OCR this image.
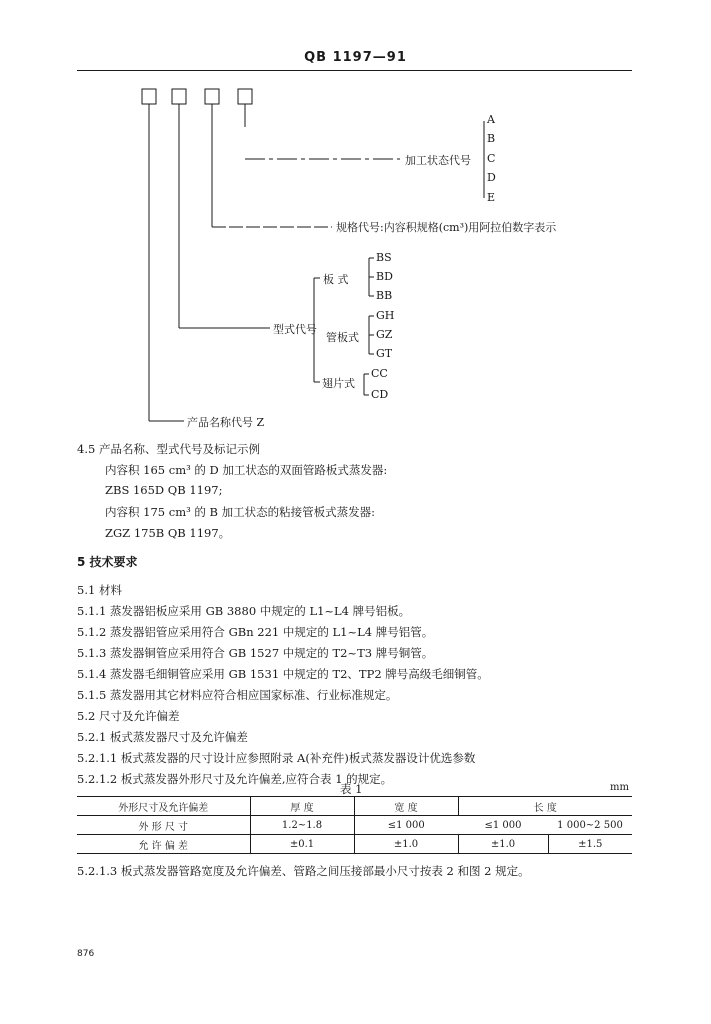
QB 1197—91
A
B
C
D
E
加工状态代号
规格代号:内容积规格(cm³)用阿拉伯数字表示
型式代号
板 式
管板式
翅片式
BS
BD
BB
GH
GZ
GT
CC
CD
产品名称代号 Z
4.5 产品名称、型式代号及标记示例
内容积 165 cm³ 的 D 加工状态的双面管路板式蒸发器:
ZBS 165D QB 1197;
内容积 175 cm³ 的 B 加工状态的粘接管板式蒸发器:
ZGZ 175B QB 1197。
5 技术要求
5.1 材料
5.1.1 蒸发器铝板应采用 GB 3880 中规定的 L1~L4 牌号铝板。
5.1.2 蒸发器铝管应采用符合 GBn 221 中规定的 L1~L4 牌号铝管。
5.1.3 蒸发器铜管应采用符合 GB 1527 中规定的 T2~T3 牌号铜管。
5.1.4 蒸发器毛细铜管应采用 GB 1531 中规定的 T2、TP2 牌号高级毛细铜管。
5.1.5 蒸发器用其它材料应符合相应国家标准、行业标准规定。
5.2 尺寸及允许偏差
5.2.1 板式蒸发器尺寸及允许偏差
5.2.1.1 板式蒸发器的尺寸设计应参照附录 A(补充件)板式蒸发器设计优选参数
5.2.1.2 板式蒸发器外形尺寸及允许偏差,应符合表 1 的规定。
表 1	mm
外形尺寸及允许偏差	厚 度	宽 度	长 度	
外 形 尺 寸	1.2~1.8	≤1 000	≤1 000	1 000~2 500
允 许 偏 差	±0.1	±1.0	±1.0	±1.5
5.2.1.3 板式蒸发器管路宽度及允许偏差、管路之间压接部最小尺寸按表 2 和图 2 规定。
876
